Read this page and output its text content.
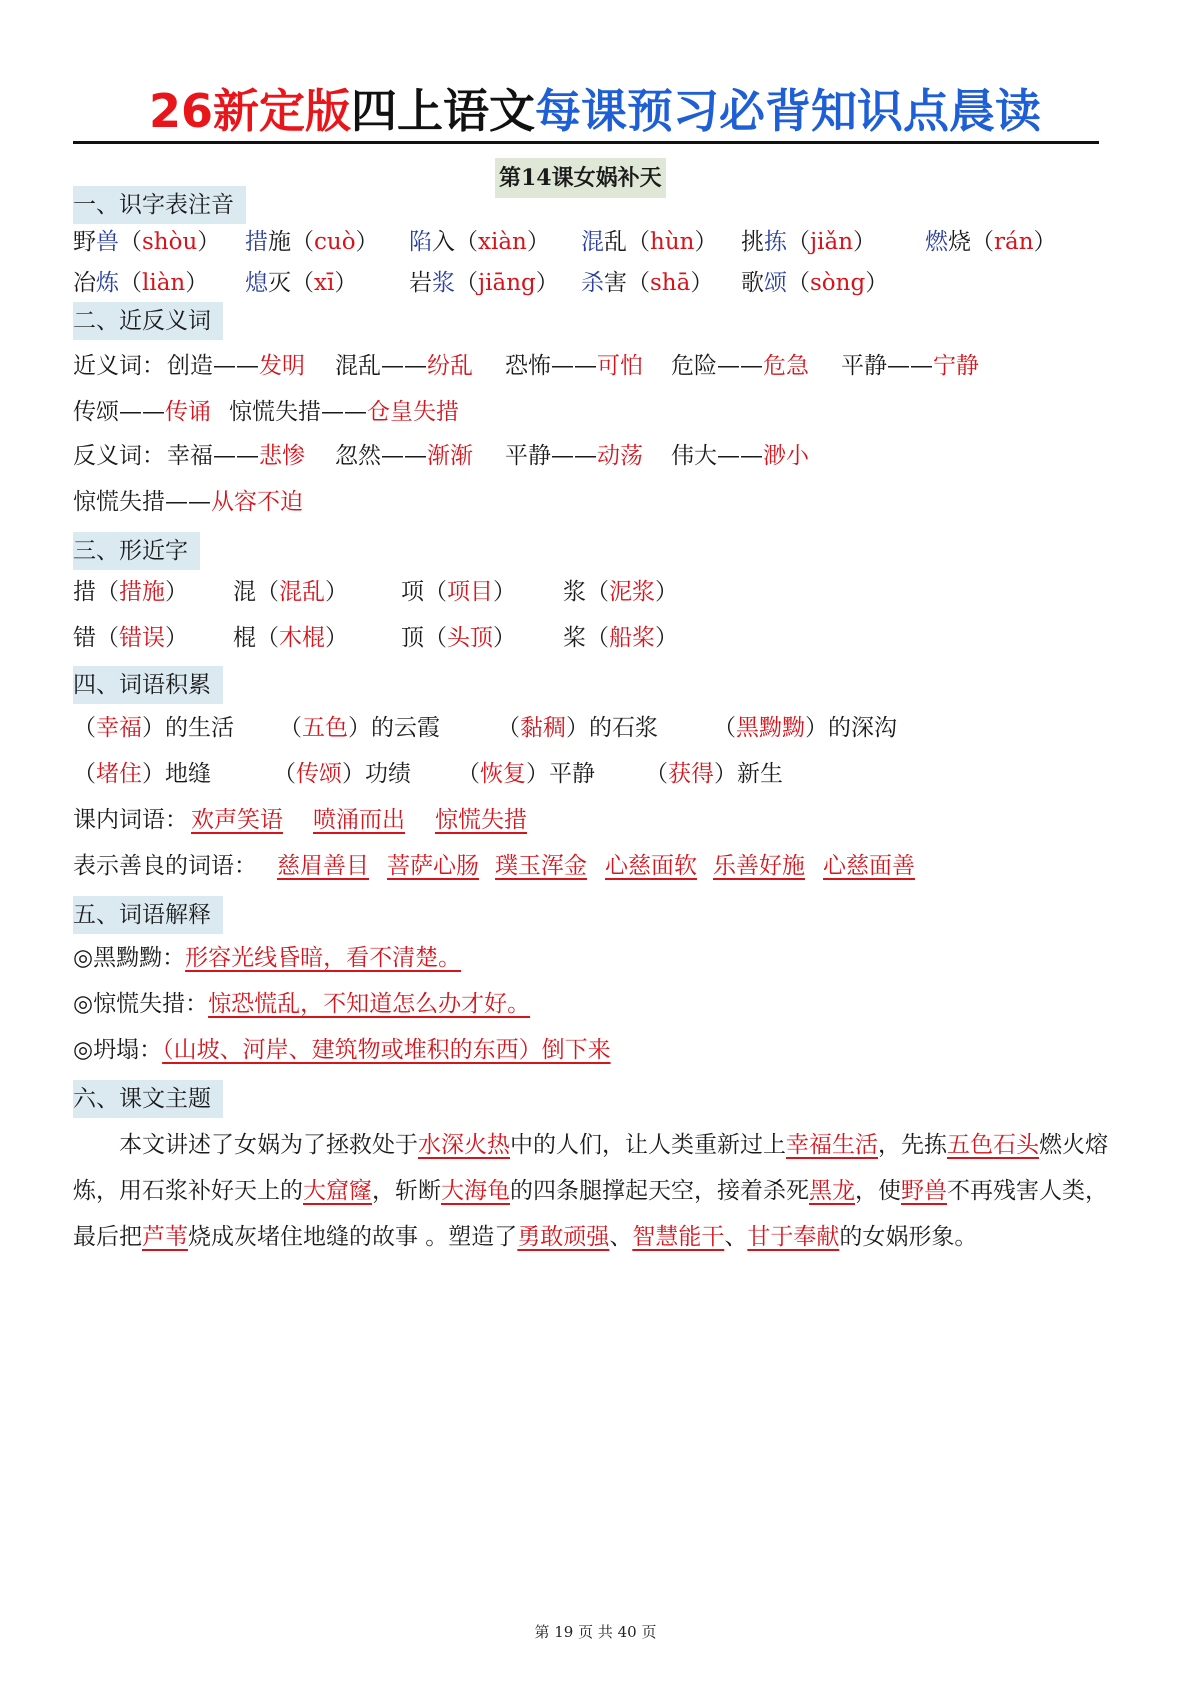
26新定版四上语文每课预习必背知识点晨读
第14课女娲补天
一、识字表注音
野兽（shòu） 措施（cuò） 陷入（xiàn） 混乱（hùn） 挑拣（jiǎn） 燃烧（rán）
冶炼（liàn） 熄灭（xī） 岩浆（jiāng） 杀害（shā） 歌颂（sòng）
二、近反义词
近义词： 创造——发明 混乱——纷乱 恐怖——可怕 危险——危急 平静——宁静
传颂——传诵 惊慌失措——仓皇失措
反义词： 幸福——悲惨 忽然——渐渐 平静——动荡 伟大——渺小
惊慌失措——从容不迫
三、形近字
措（措施） 混（混乱） 项（项目） 浆（泥浆）
错（错误） 棍（木棍） 顶（头顶） 桨（船桨）
四、词语积累
（幸福）的生活 （五色）的云霞 （黏稠）的石浆 （黑黝黝）的深沟
（堵住）地缝	（传颂）功绩 （恢复）平静 （获得）新生
课内词语： 欢声笑语 喷涌而出 惊慌失措
表示善良的词语： 慈眉善目 菩萨心肠 璞玉浑金 心慈面软 乐善好施 心慈面善
五、词语解释
◎黑黝黝：形容光线昏暗，看不清楚。
◎惊慌失措：惊恐慌乱，不知道怎么办才好。
◎坍塌：（山坡、河岸、建筑物或堆积的东西）倒下来
六、课文主题
本文讲述了女娲为了拯救处于水深火热中的人们，让人类重新过上幸福生活，先拣五色石头燃火熔炼，用石浆补好天上的大窟窿，斩断大海龟的四条腿撑起天空，接着杀死黑龙，使野兽不再残害人类，最后把芦苇烧成灰堵住地缝的故事 。塑造了勇敢顽强、智慧能干、甘于奉献的女娲形象。
第 19 页 共 40 页
